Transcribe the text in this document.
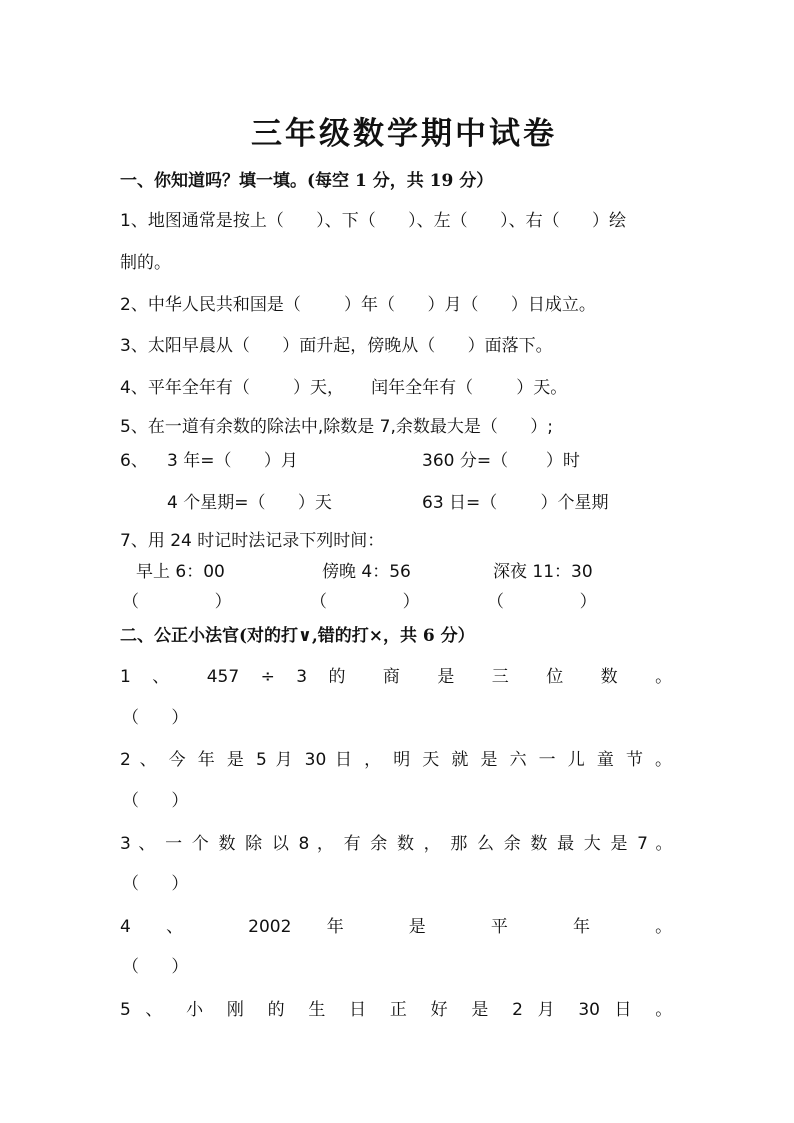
三年级数学期中试卷
一、你知道吗？填一填。(每空 1 分，共 19 分）
1、地图通常是按上（      ）、下（      ）、左（      ）、右（      ）绘
制的。
2、中华人民共和国是（        ）年（      ）月（      ）日成立。
3、太阳早晨从（      ）面升起，傍晚从（      ）面落下。
4、平年全年有（        ）天，     闰年全年有（        ）天。
5、在一道有余数的除法中,除数是 7,余数最大是（      ）;
6、 3 年=（      ）月	360 分=（       ）时
4 个星期=（      ）天	63 日=（        ）个星期
7、用 24 时记时法记录下列时间：
早上 6：00	傍晚 4：56	深夜 11：30
（              ）	（              ）	（              ）
二、公正小法官(对的打∨,错的打×，共 6 分）
1 、 457 ÷ 3 的 商 是 三 位 数 。
（      ）
2 、 今 年 是 5 月 30 日 ， 明 天 就 是 六 一 儿 童 节 。
（      ）
3 、 一 个 数 除 以 8 ， 有 余 数 ， 那 么 余 数 最 大 是 7 。
（      ）
4 、 2002 年 是 平 年 。
（      ）
5 、 小 刚 的 生 日 正 好 是 2 月 30 日 。
